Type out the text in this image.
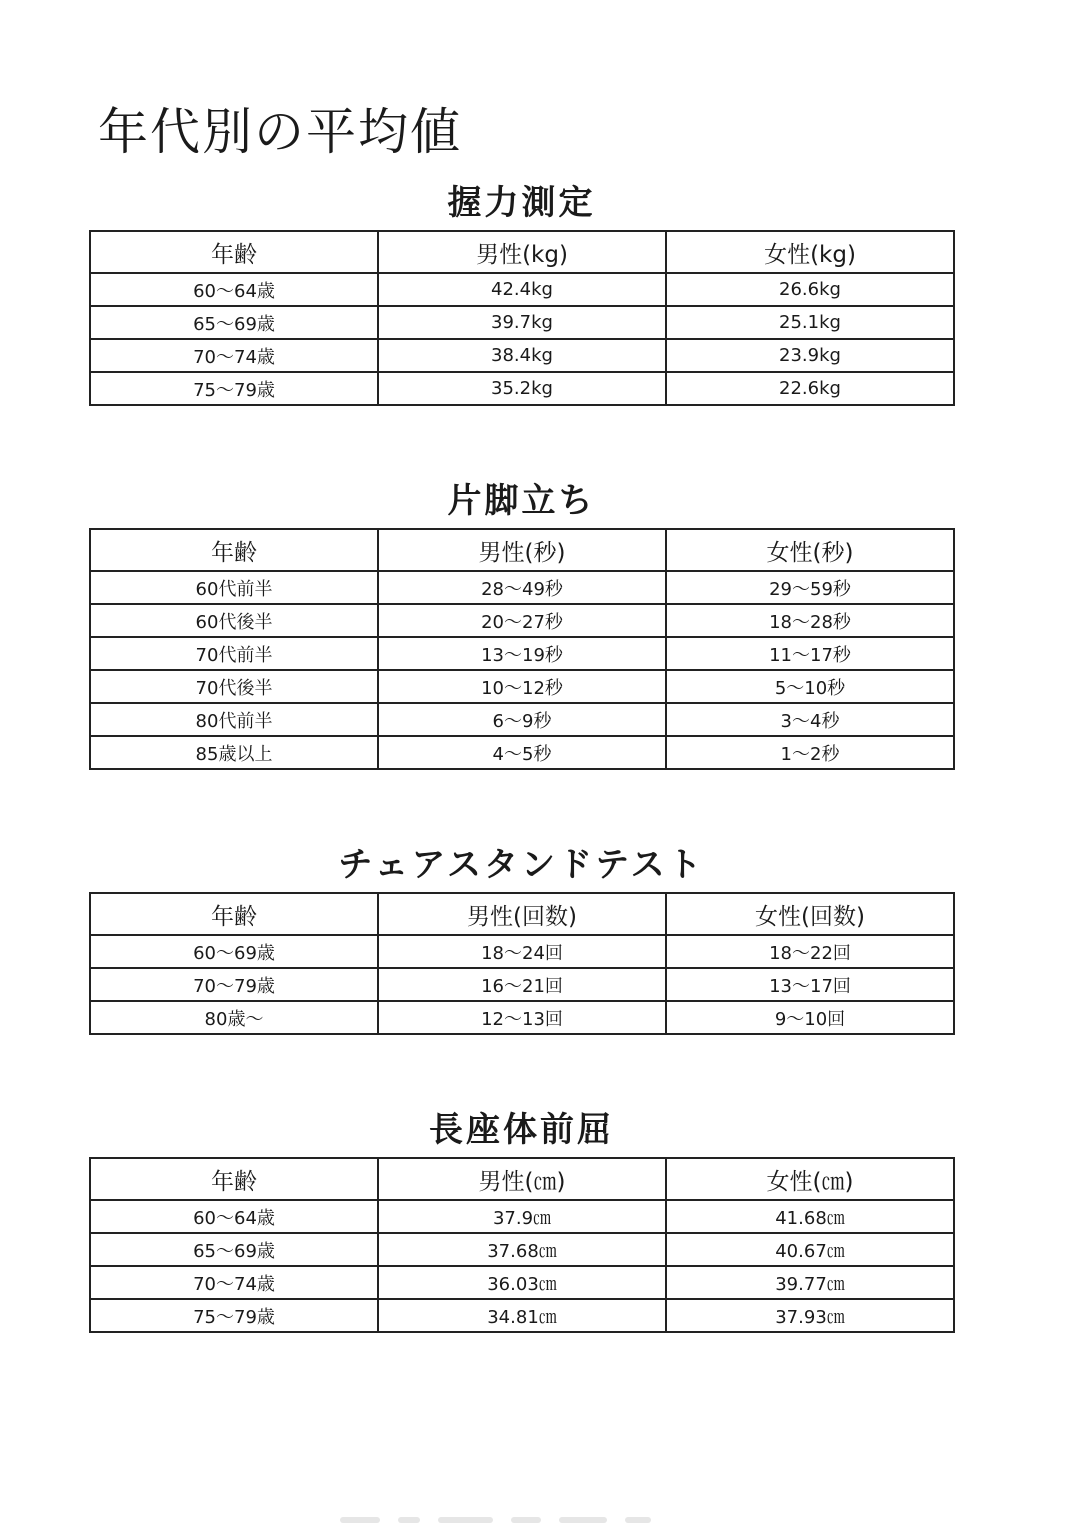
年代別の平均値
握力測定
年齢	男性(kg)	女性(kg)
60～64歳	42.4kg	26.6kg
65～69歳	39.7kg	25.1kg
70～74歳	38.4kg	23.9kg
75～79歳	35.2kg	22.6kg
片脚立ち
年齢	男性(秒)	女性(秒)
60代前半	28～49秒	29～59秒
60代後半	20～27秒	18～28秒
70代前半	13～19秒	11～17秒
70代後半	10～12秒	5～10秒
80代前半	6～9秒	3～4秒
85歳以上	4～5秒	1～2秒
チェアスタンドテスト
年齢	男性(回数)	女性(回数)
60～69歳	18～24回	18～22回
70～79歳	16～21回	13～17回
80歳～	12～13回	9～10回
長座体前屈
年齢	男性(㎝)	女性(㎝)
60～64歳	37.9㎝	41.68㎝
65～69歳	37.68㎝	40.67㎝
70～74歳	36.03㎝	39.77㎝
75～79歳	34.81㎝	37.93㎝
